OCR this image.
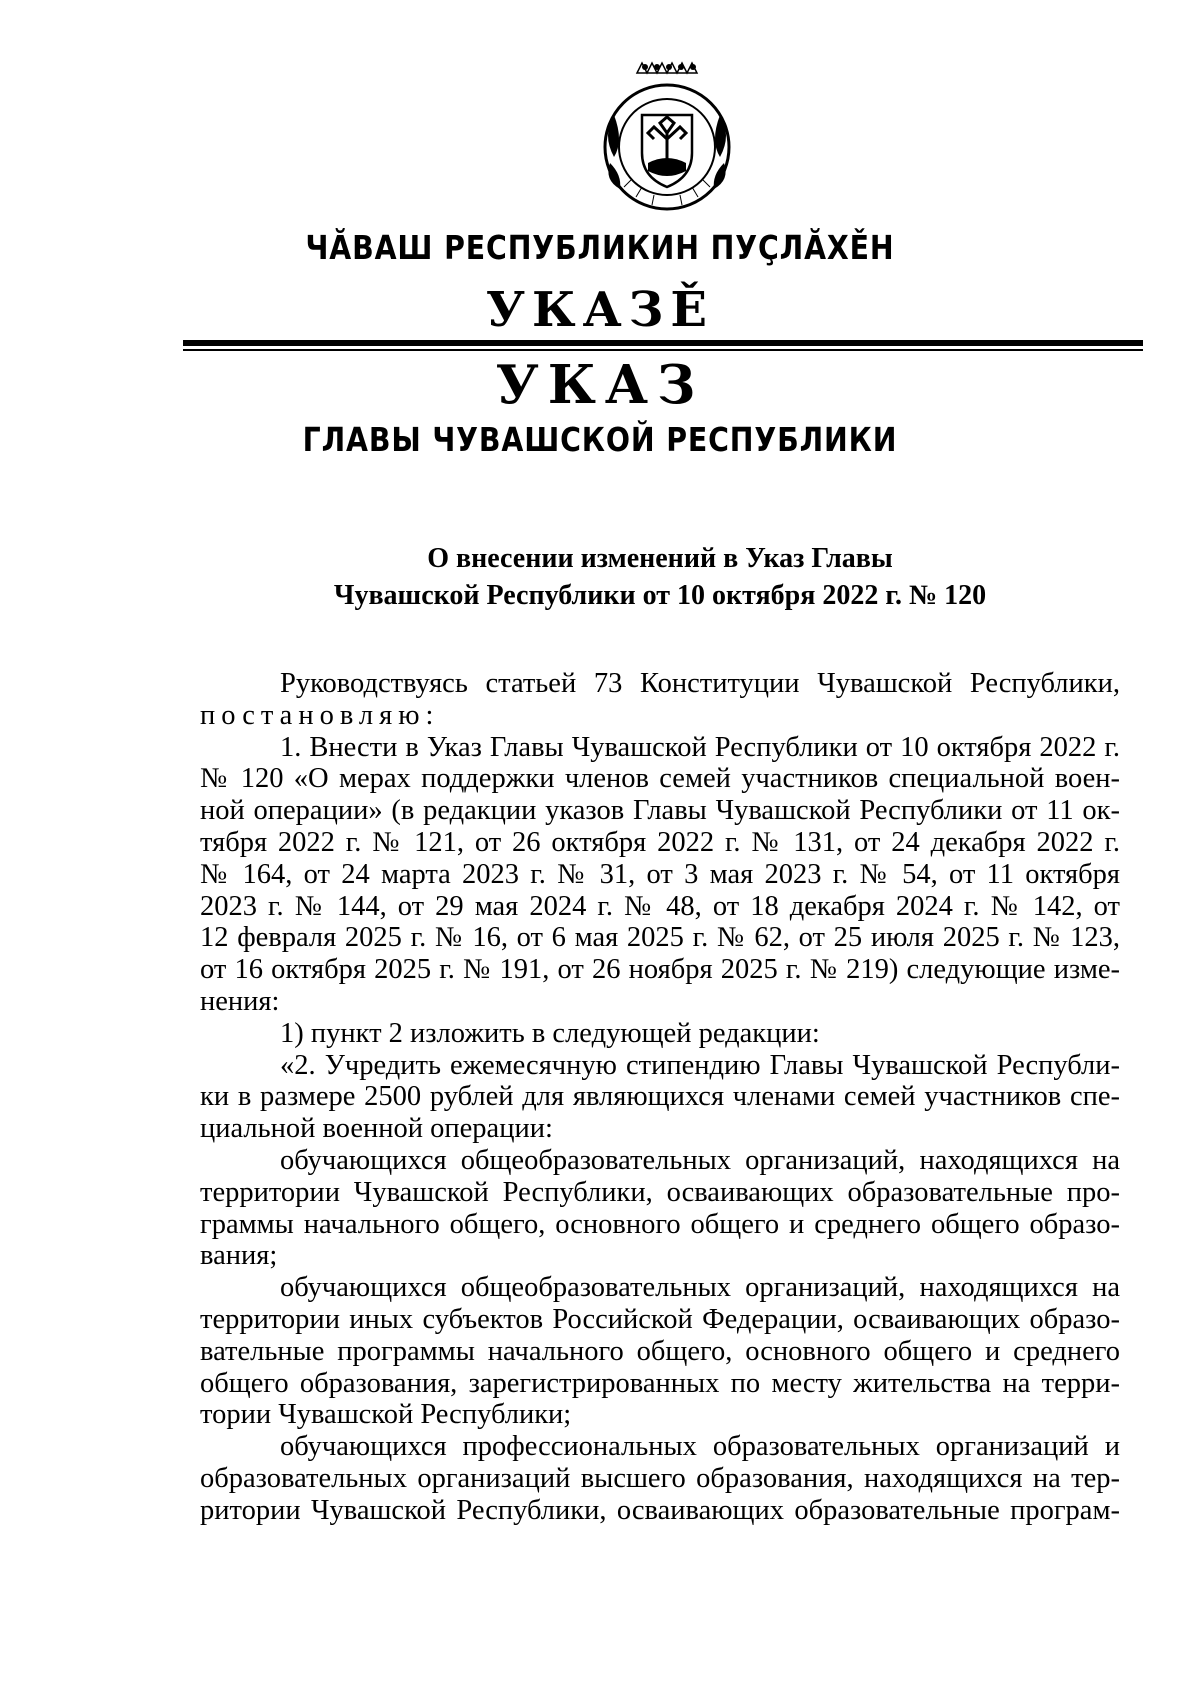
ЧĂВАШ РЕСПУБЛИКИН ПУҪЛĂХĚН
УКАЗĚ
УКАЗ
ГЛАВЫ ЧУВАШСКОЙ РЕСПУБЛИКИ
О внесении изменений в Указ Главы
Чувашской Республики от 10 октября 2022 г. № 120
Руководствуясь статьей 73 Конституции Чувашской Республики,
постановляю:
1. Внести в Указ Главы Чувашской Республики от 10 октября 2022 г.
№ 120 «О мерах поддержки членов семей участников специальной воен-
ной операции» (в редакции указов Главы Чувашской Республики от 11 ок-
тября 2022 г. № 121, от 26 октября 2022 г. № 131, от 24 декабря 2022 г.
№ 164, от 24 марта 2023 г. № 31, от 3 мая 2023 г. № 54, от 11 октября
2023 г. № 144, от 29 мая 2024 г. № 48, от 18 декабря 2024 г. № 142, от
12 февраля 2025 г. № 16, от 6 мая 2025 г. № 62, от 25 июля 2025 г. № 123,
от 16 октября 2025 г. № 191, от 26 ноября 2025 г. № 219) следующие изме-
нения:
1) пункт 2 изложить в следующей редакции:
«2. Учредить ежемесячную стипендию Главы Чувашской Республи-
ки в размере 2500 рублей для являющихся членами семей участников спе-
циальной военной операции:
обучающихся общеобразовательных организаций, находящихся на
территории Чувашской Республики, осваивающих образовательные про-
граммы начального общего, основного общего и среднего общего образо-
вания;
обучающихся общеобразовательных организаций, находящихся на
территории иных субъектов Российской Федерации, осваивающих образо-
вательные программы начального общего, основного общего и среднего
общего образования, зарегистрированных по месту жительства на терри-
тории Чувашской Республики;
обучающихся профессиональных образовательных организаций и
образовательных организаций высшего образования, находящихся на тер-
ритории Чувашской Республики, осваивающих образовательные програм-
